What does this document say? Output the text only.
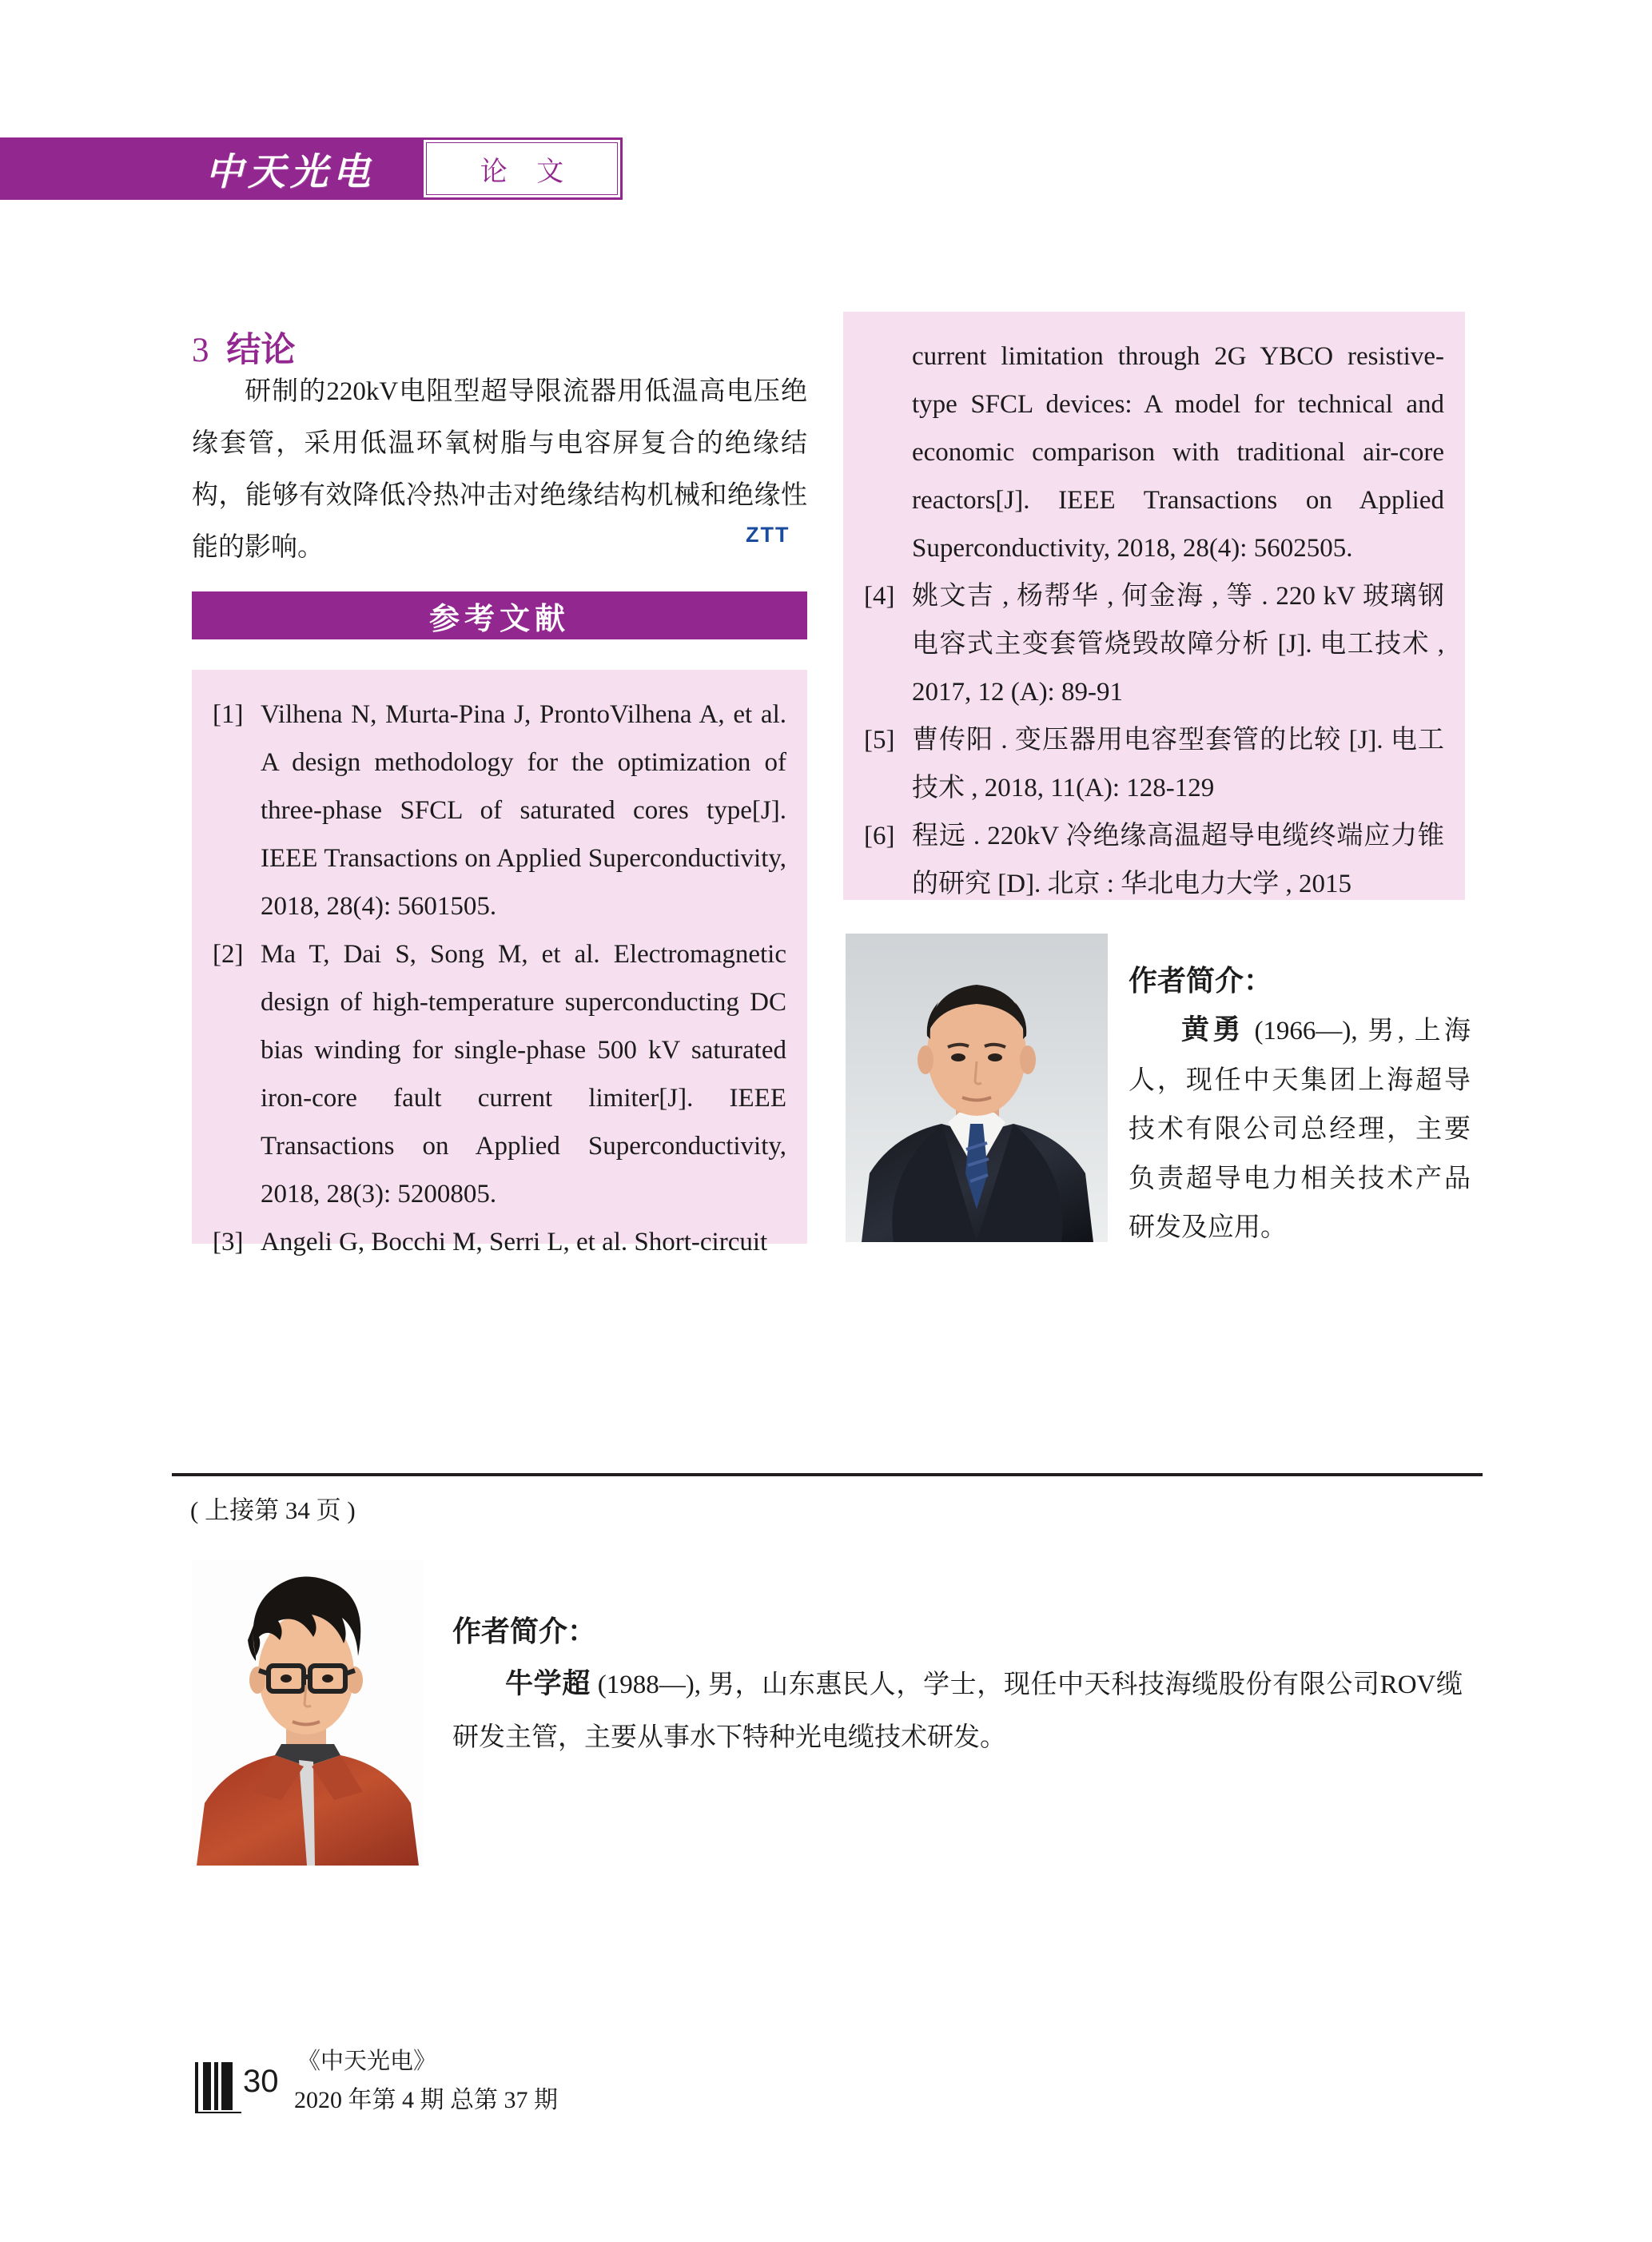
中天光电	论 文
3 结论
研制的220kV电阻型超导限流器用低温高电压绝缘套管，采用低温环氧树脂与电容屏复合的绝缘结构，能够有效降低冷热冲击对绝缘结构机械和绝缘性能的影响。	ZTT
参考文献
[1] Vilhena N, Murta-Pina J, ProntoVilhena A, et al. A design methodology for the optimization of three-phase SFCL of saturated cores type[J]. IEEE Transactions on Applied Superconductivity, 2018, 28(4): 5601505.
[2] Ma T, Dai S, Song M, et al. Electromagnetic design of high-temperature superconducting DC bias winding for single-phase 500 kV saturated iron-core fault current limiter[J]. IEEE Transactions on Applied Superconductivity, 2018, 28(3): 5200805.
[3] Angeli G, Bocchi M, Serri L, et al. Short-circuit
current limitation through 2G YBCO resistive-type SFCL devices: A model for technical and economic comparison with traditional air-core reactors[J]. IEEE Transactions on Applied Superconductivity, 2018, 28(4): 5602505.
[4] 姚文吉 , 杨帮华 , 何金海 , 等 . 220 kV 玻璃钢电容式主变套管烧毁故障分析 [J]. 电工技术 , 2017, 12 (A): 89-91
[5] 曹传阳 . 变压器用电容型套管的比较 [J]. 电工技术 , 2018, 11(A): 128-129
[6] 程远 . 220kV 冷绝缘高温超导电缆终端应力锥的研究 [D]. 北京 : 华北电力大学 , 2015
作者简介：

黄勇 (1966—), 男, 上海人，现任中天集团上海超导技术有限公司总经理，主要负责超导电力相关技术产品研发及应用。

( 上接第 34 页 )
作者简介：

牛学超 (1988—), 男，山东惠民人，学士，现任中天科技海缆股份有限公司ROV缆研发主管，主要从事水下特种光电缆技术研发。

30
《中天光电》
2020 年第 4 期 总第 37 期
